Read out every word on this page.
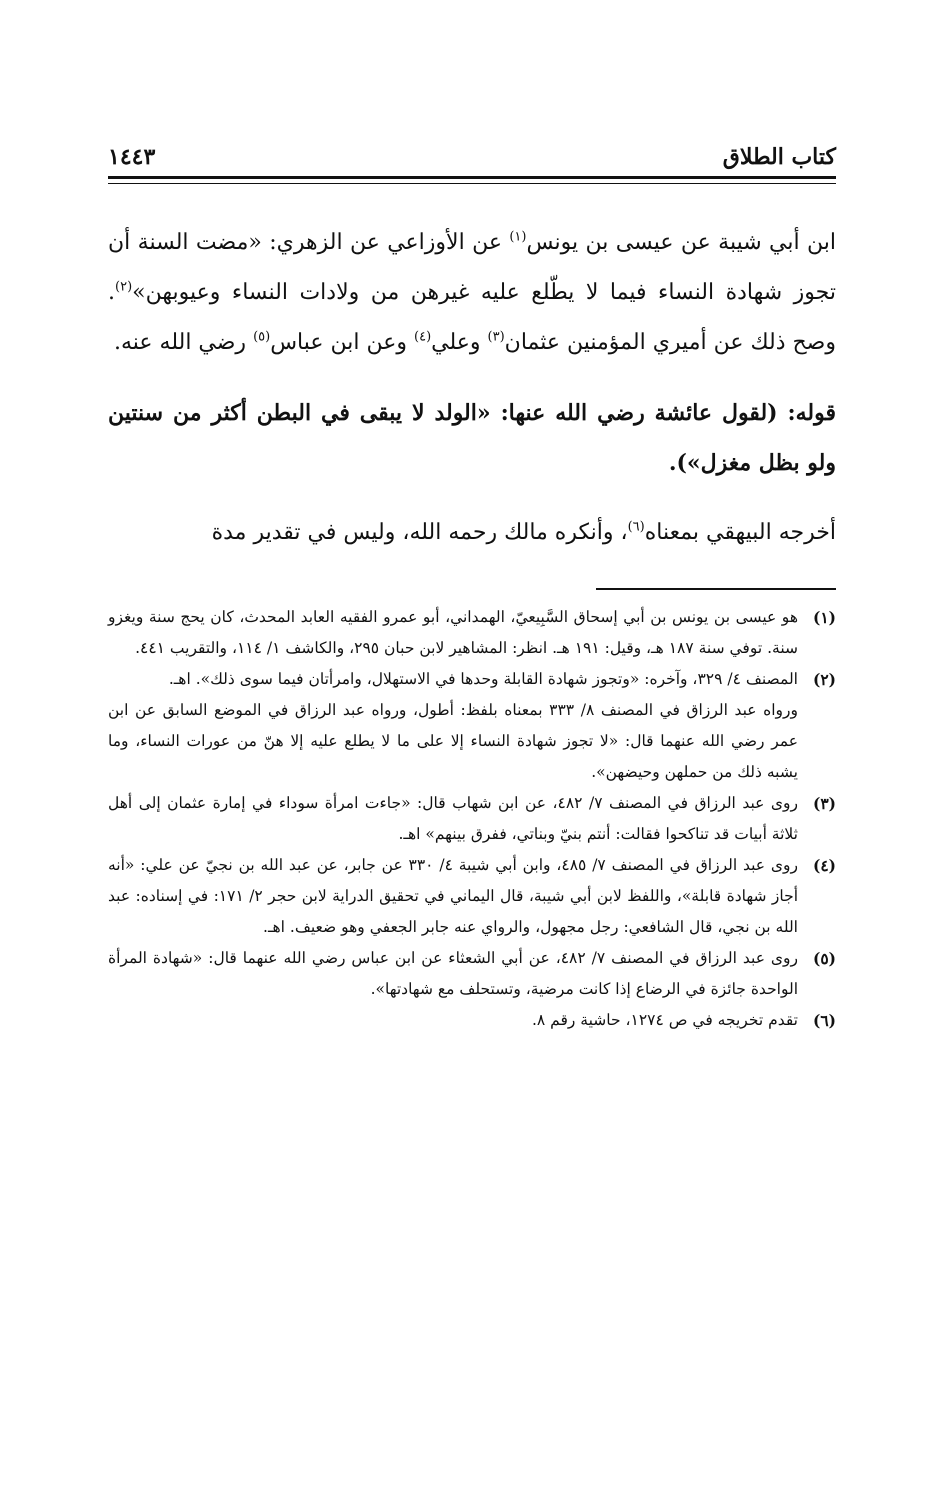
كتاب الطلاق
١٤٤٣

ابن أبي شيبة عن عيسى بن يونس$^{(١)}$ عن الأوزاعي عن الزهري: «مضت السنة أن تجوز شهادة النساء فيما لا يطّلع عليه غيرهن من ولادات النساء وعيوبهن»$^{(٢)}$. وصح ذلك عن أميري المؤمنين عثمان$^{(٣)}$ وعلي$^{(٤)}$ وعن ابن عباس$^{(٥)}$ رضي الله عنه.

قوله: (لقول عائشة رضي الله عنها: «الولد لا يبقى في البطن أكثر من سنتين ولو بظل مغزل»).

أخرجه البيهقي بمعناه$^{(٦)}$، وأنكره مالك رحمه الله، وليس في تقدير مدة

(١)

هو عيسى بن يونس بن أبي إسحاق السَّبِيعيّ، الهمداني، أبو عمرو الفقيه العابد المحدث، كان يحج سنة ويغزو سنة. توفي سنة ١٨٧ هـ، وقيل: ١٩١ هـ. انظر: المشاهير لابن حبان ٢٩٥، والكاشف ١/ ١١٤، والتقريب ٤٤١.

(٢)

المصنف ٤/ ٣٢٩، وآخره: «وتجوز شهادة القابلة وحدها في الاستهلال، وامرأتان فيما سوى ذلك». اهـ.

ورواه عبد الرزاق في المصنف ٨/ ٣٣٣ بمعناه بلفظ: أطول، ورواه عبد الرزاق في الموضع السابق عن ابن عمر رضي الله عنهما قال: «لا تجوز شهادة النساء إلا على ما لا يطلع عليه إلا هنّ من عورات النساء، وما يشبه ذلك من حملهن وحيضهن».

(٣)

روى عبد الرزاق في المصنف ٧/ ٤٨٢، عن ابن شهاب قال: «جاءت امرأة سوداء في إمارة عثمان إلى أهل ثلاثة أبيات قد تناكحوا فقالت: أنتم بنيّ وبناتي، ففرق بينهم» اهـ.

(٤)

روى عبد الرزاق في المصنف ٧/ ٤٨٥، وابن أبي شيبة ٤/ ٣٣٠ عن جابر، عن عبد الله بن نجيّ عن علي: «أنه أجاز شهادة قابلة»، واللفظ لابن أبي شيبة، قال اليماني في تحقيق الدراية لابن حجر ٢/ ١٧١: في إسناده: عبد الله بن نجي، قال الشافعي: رجل مجهول، والرواي عنه جابر الجعفي وهو ضعيف. اهـ.

(٥)

روى عبد الرزاق في المصنف ٧/ ٤٨٢، عن أبي الشعثاء عن ابن عباس رضي الله عنهما قال: «شهادة المرأة الواحدة جائزة في الرضاع إذا كانت مرضية، وتستحلف مع شهادتها».

(٦)

تقدم تخريجه في ص ١٢٧٤، حاشية رقم ٨.
